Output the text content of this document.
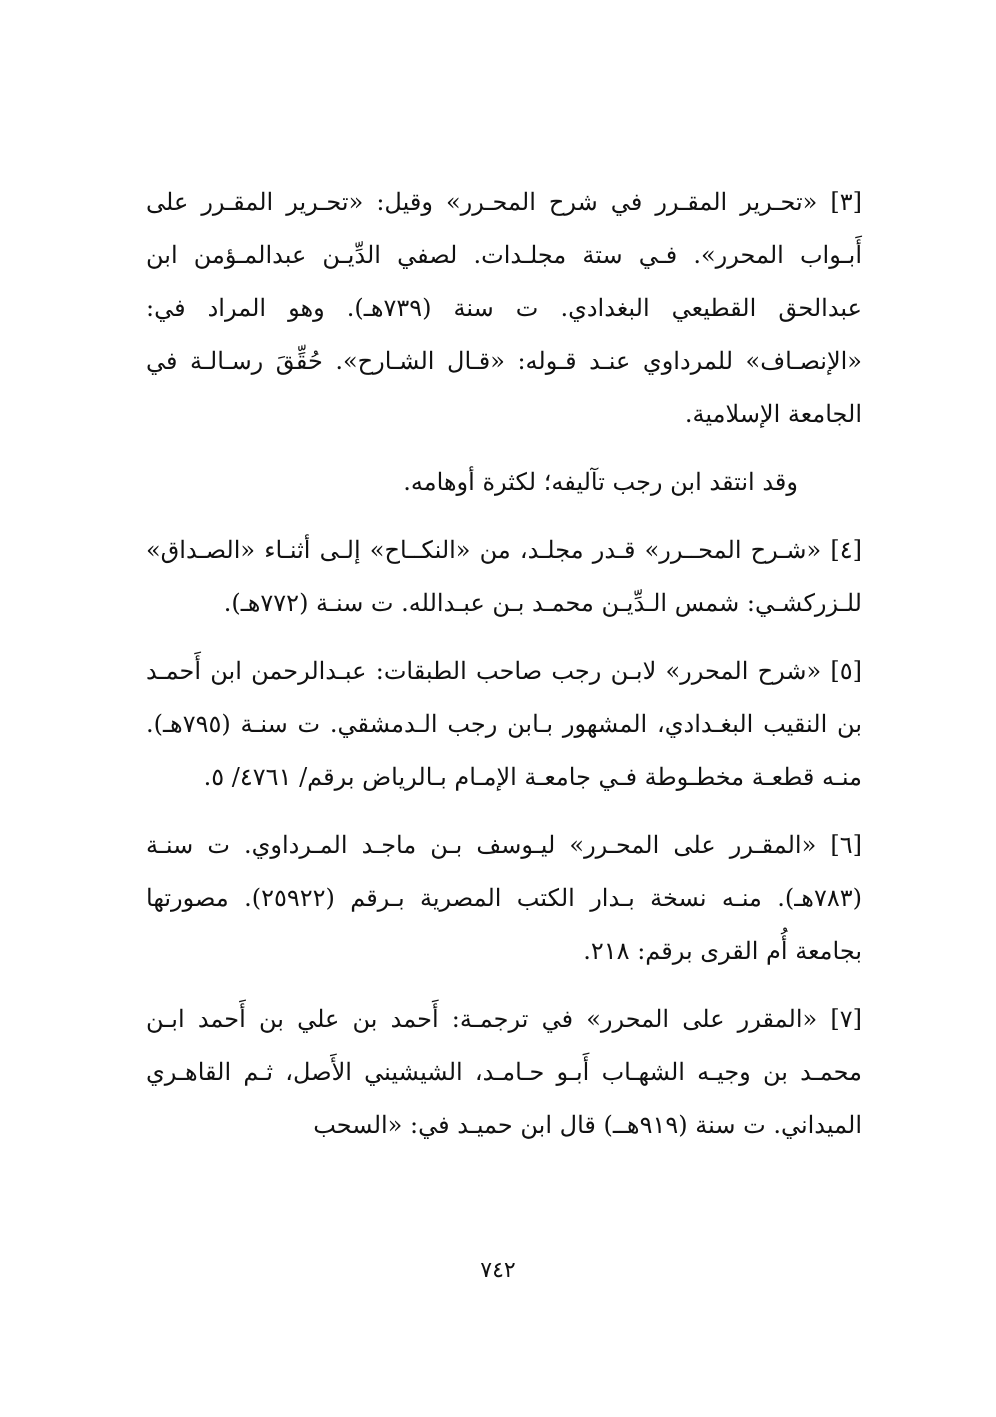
[٣] «تحـرير المقـرر في شرح المحـرر» وقيل: «تحـرير المقـرر على أَبـواب المحرر». فـي ستة مجلـدات. لصفي الدِّيـن عبدالمـؤمن ابن عبدالحق القطيعي البغدادي. ت سنة (٧٣٩هـ). وهو المراد في: «الإنصـاف» للمرداوي عنـد قـوله: «قـال الشـارح». حُقِّقَ رسـالـة في الجامعة الإسلامية.

وقد انتقد ابن رجب تآليفه؛ لكثرة أوهامه.

[٤] «شـرح المحــرر» قـدر مجلـد، من «النكــاح» إلـى أثنـاء «الصـداق» للـزركشـي: شمس الـدِّيـن محمـد بـن عبـدالله. ت سنـة (٧٧٢هـ).

[٥] «شرح المحرر» لابـن رجب صاحب الطبقات: عبـدالرحمن ابن أَحمـد بن النقيب البغـدادي، المشهور بـابن رجب الـدمشقي. ت سنـة (٧٩٥هـ). منـه قطعـة مخطـوطة فـي جامعـة الإمـام بـالرياض برقم/ ٤٧٦١/ ٥.

[٦] «المقـرر على المحـرر» ليـوسف بـن ماجـد المـرداوي. ت سنـة (٧٨٣هـ). منـه نسخة بـدار الكتب المصرية بـرقم (٢٥٩٢٢). مصورتها بجامعة أُم القرى برقم: ٢١٨.

[٧] «المقرر على المحرر» في ترجمـة: أَحمد بن علي بن أَحمد ابـن محمـد بن وجيـه الشهـاب أَبـو حـامـد، الشيشيني الأَصل، ثـم القاهـري الميداني. ت سنة (٩١٩هــ) قال ابن حميـد في: «السحب

٧٤٢
